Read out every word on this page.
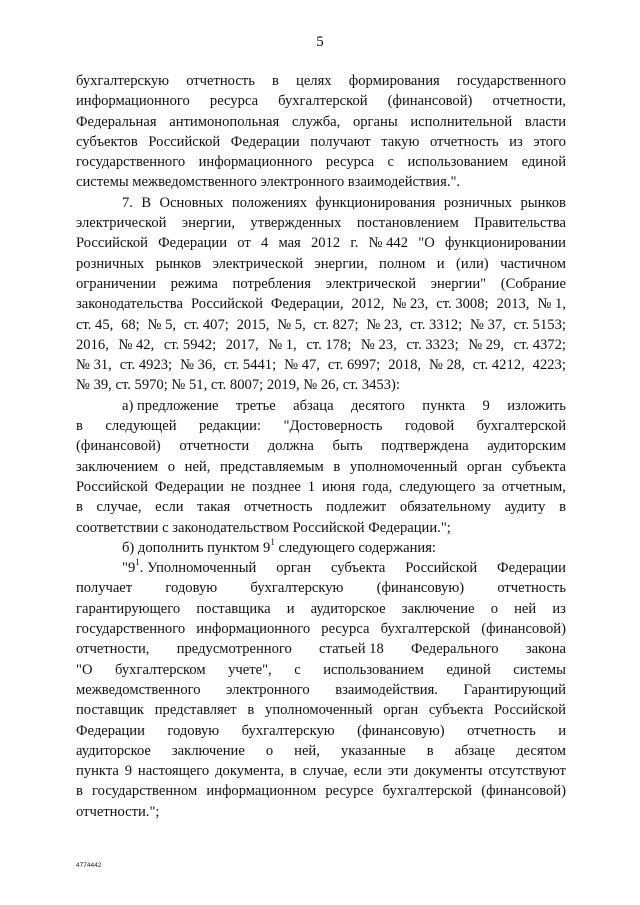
5

бухгалтерскую отчетность в целях формирования государственного
информационного ресурса бухгалтерской (финансовой) отчетности,
Федеральная антимонопольная служба, органы исполнительной власти
субъектов Российской Федерации получают такую отчетность из этого
государственного информационного ресурса с использованием единой
системы межведомственного электронного взаимодействия.".

7. В Основных положениях функционирования розничных рынков
электрической энергии, утвержденных постановлением Правительства
Российской Федерации от 4 мая 2012 г. № 442 "О функционировании
розничных рынков электрической энергии, полном и (или) частичном
ограничении режима потребления электрической энергии" (Собрание
законодательства Российской Федерации, 2012, № 23, ст. 3008; 2013, № 1,
ст. 45, 68; № 5, ст. 407; 2015, № 5, ст. 827; № 23, ст. 3312; № 37, ст. 5153;
2016, № 42, ст. 5942; 2017, № 1, ст. 178; № 23, ст. 3323; № 29, ст. 4372;
№ 31, ст. 4923; № 36, ст. 5441; № 47, ст. 6997; 2018, № 28, ст. 4212, 4223;
№ 39, ст. 5970; № 51, ст. 8007; 2019, № 26, ст. 3453):

а) предложение третье абзаца десятого пункта 9 изложить
в следующей редакции: "Достоверность годовой бухгалтерской
(финансовой) отчетности должна быть подтверждена аудиторским
заключением о ней, представляемым в уполномоченный орган субъекта
Российской Федерации не позднее 1 июня года, следующего за отчетным,
в случае, если такая отчетность подлежит обязательному аудиту в
соответствии с законодательством Российской Федерации.";

б) дополнить пунктом $9^1$ следующего содержания:

"$9^1$. Уполномоченный орган субъекта Российской Федерации
получает годовую бухгалтерскую (финансовую) отчетность
гарантирующего поставщика и аудиторское заключение о ней из
государственного информационного ресурса бухгалтерской (финансовой)
отчетности, предусмотренного статьей 18 Федерального закона
"О бухгалтерском учете", с использованием единой системы
межведомственного электронного взаимодействия. Гарантирующий
поставщик представляет в уполномоченный орган субъекта Российской
Федерации годовую бухгалтерскую (финансовую) отчетность и
аудиторское заключение о ней, указанные в абзаце десятом
пункта 9 настоящего документа, в случае, если эти документы отсутствуют
в государственном информационном ресурсе бухгалтерской (финансовой)
отчетности.";

4774442
